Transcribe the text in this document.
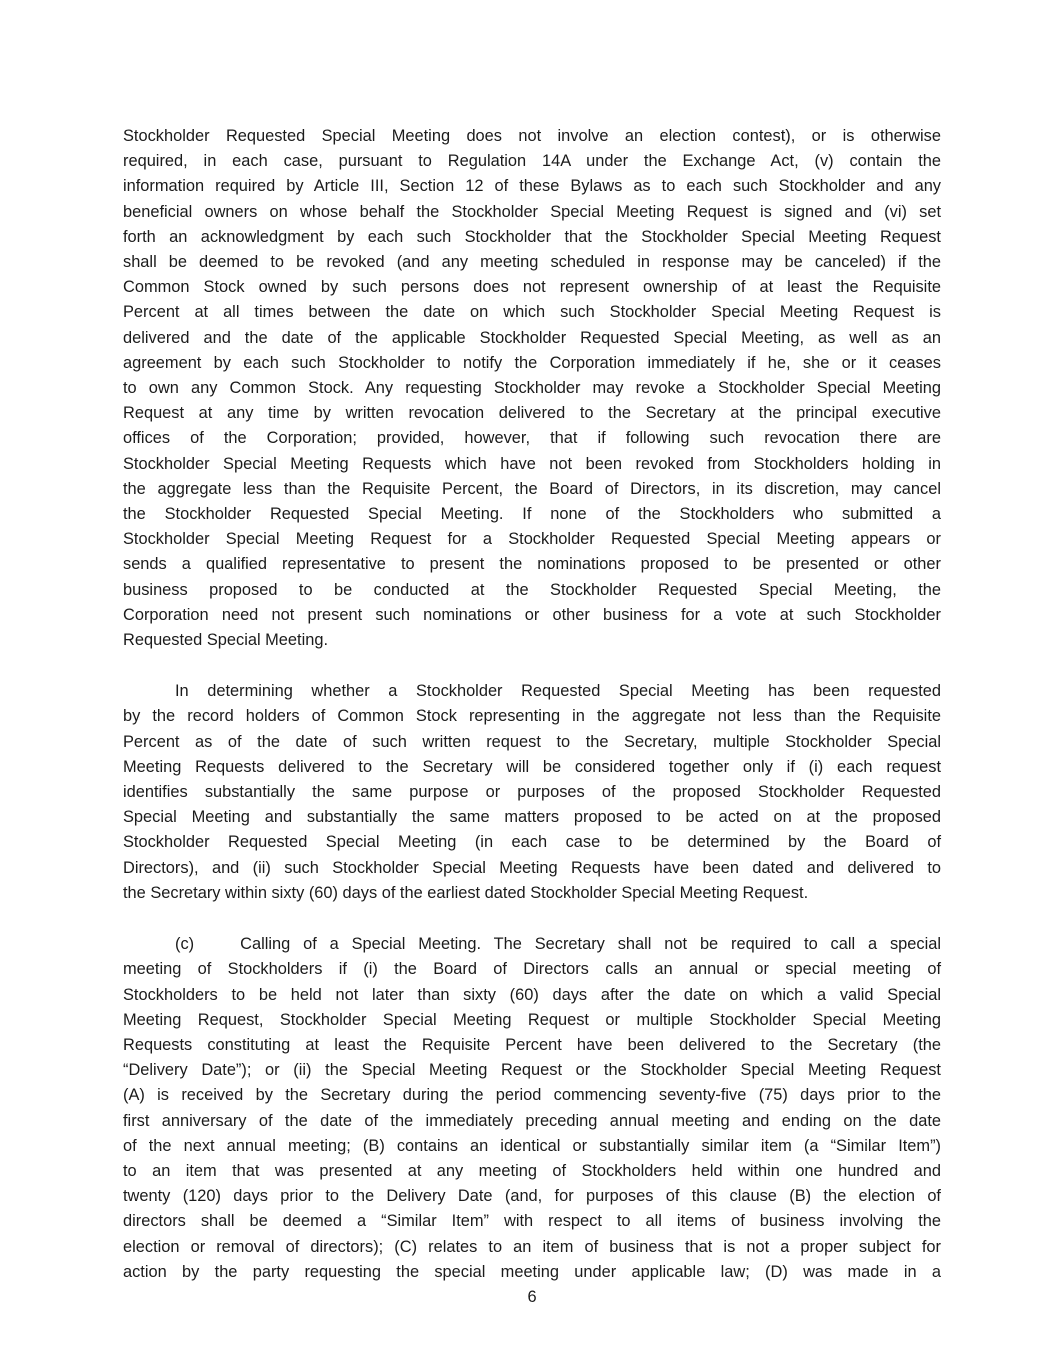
Stockholder Requested Special Meeting does not involve an election contest), or is otherwise
required, in each case, pursuant to Regulation 14A under the Exchange Act, (v) contain the
information required by Article III, Section 12 of these Bylaws as to each such Stockholder and any
beneficial owners on whose behalf the Stockholder Special Meeting Request is signed and (vi) set
forth an acknowledgment by each such Stockholder that the Stockholder Special Meeting Request
shall be deemed to be revoked (and any meeting scheduled in response may be canceled) if the
Common Stock owned by such persons does not represent ownership of at least the Requisite
Percent at all times between the date on which such Stockholder Special Meeting Request is
delivered and the date of the applicable Stockholder Requested Special Meeting, as well as an
agreement by each such Stockholder to notify the Corporation immediately if he, she or it ceases
to own any Common Stock. Any requesting Stockholder may revoke a Stockholder Special Meeting
Request at any time by written revocation delivered to the Secretary at the principal executive
offices of the Corporation; provided, however, that if following such revocation there are
Stockholder Special Meeting Requests which have not been revoked from Stockholders holding in
the aggregate less than the Requisite Percent, the Board of Directors, in its discretion, may cancel
the Stockholder Requested Special Meeting. If none of the Stockholders who submitted a
Stockholder Special Meeting Request for a Stockholder Requested Special Meeting appears or
sends a qualified representative to present the nominations proposed to be presented or other
business proposed to be conducted at the Stockholder Requested Special Meeting, the
Corporation need not present such nominations or other business for a vote at such Stockholder
Requested Special Meeting.
In determining whether a Stockholder Requested Special Meeting has been requested
by the record holders of Common Stock representing in the aggregate not less than the Requisite
Percent as of the date of such written request to the Secretary, multiple Stockholder Special
Meeting Requests delivered to the Secretary will be considered together only if (i) each request
identifies substantially the same purpose or purposes of the proposed Stockholder Requested
Special Meeting and substantially the same matters proposed to be acted on at the proposed
Stockholder Requested Special Meeting (in each case to be determined by the Board of
Directors), and (ii) such Stockholder Special Meeting Requests have been dated and delivered to
the Secretary within sixty (60) days of the earliest dated Stockholder Special Meeting Request.
(c)	Calling of a Special Meeting. The Secretary shall not be required to call a special
meeting of Stockholders if (i) the Board of Directors calls an annual or special meeting of
Stockholders to be held not later than sixty (60) days after the date on which a valid Special
Meeting Request, Stockholder Special Meeting Request or multiple Stockholder Special Meeting
Requests constituting at least the Requisite Percent have been delivered to the Secretary (the
“Delivery Date”); or (ii) the Special Meeting Request or the Stockholder Special Meeting Request
(A) is received by the Secretary during the period commencing seventy-five (75) days prior to the
first anniversary of the date of the immediately preceding annual meeting and ending on the date
of the next annual meeting; (B) contains an identical or substantially similar item (a “Similar Item”)
to an item that was presented at any meeting of Stockholders held within one hundred and
twenty (120) days prior to the Delivery Date (and, for purposes of this clause (B) the election of
directors shall be deemed a “Similar Item” with respect to all items of business involving the
election or removal of directors); (C) relates to an item of business that is not a proper subject for
action by the party requesting the special meeting under applicable law; (D) was made in a
6
